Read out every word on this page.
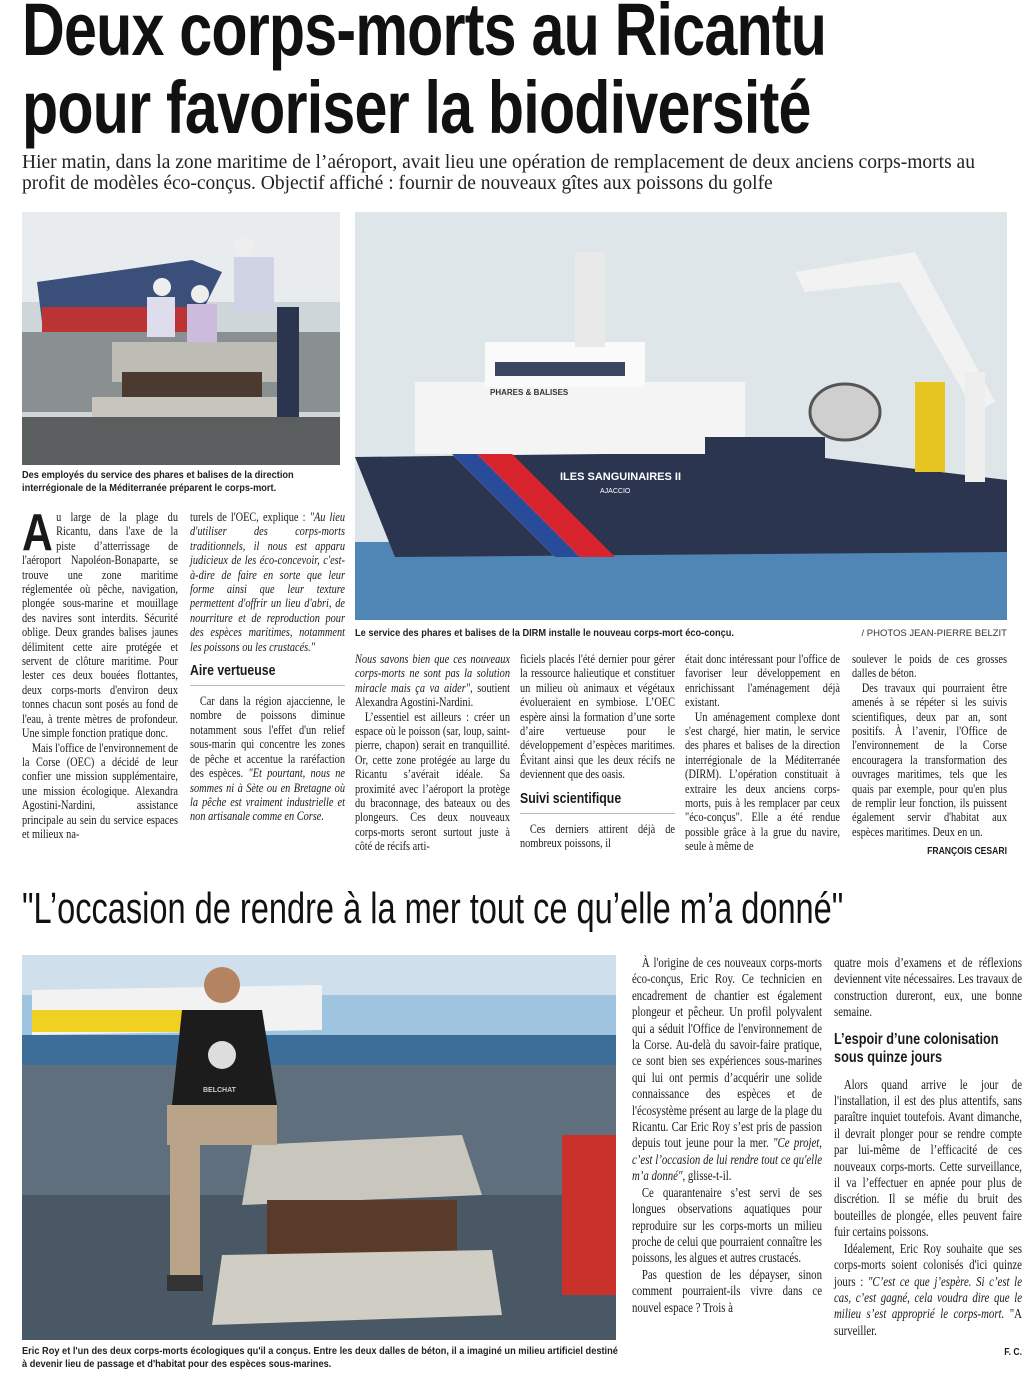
Deux corps-morts au Ricantu
pour favoriser la biodiversité
Hier matin, dans la zone maritime de l’aéroport, avait lieu une opération de remplacement de deux anciens corps-morts au profit de modèles éco-conçus. Objectif affiché : fournir de nouveaux gîtes aux poissons du golfe
Des employés du service des phares et balises de la direction interrégionale de la Méditerranée préparent le corps-mort.
ILES SANGUINAIRES II
AJACCIO
PHARES & BALISES
Le service des phares et balises de la DIRM installe le nouveau corps-mort éco-conçu.	/ PHOTOS JEAN-PIERRE BELZIT

Au large de la plage du Ricantu, dans l'axe de la piste d’atterrissage de l'aéroport Napoléon-Bonaparte, se trouve une zone maritime réglementée où pêche, navigation, plongée sous-marine et mouillage des navires sont interdits. Sécurité oblige. Deux grandes balises jaunes délimitent cette aire protégée et servent de clôture maritime. Pour lester ces deux bouées flottantes, deux corps-morts d'environ deux tonnes chacun sont posés au fond de l'eau, à trente mètres de profondeur. Une simple fonction pratique donc.

Mais l'office de l'environnement de la Corse (OEC) a décidé de leur confier une mission supplémentaire, une mission écologique. Alexandra Agostini-Nardini, assistance principale au sein du service espaces et milieux na-

turels de l'OEC, explique : "Au lieu d'utiliser des corps-morts traditionnels, il nous est apparu judicieux de les éco-concevoir, c'est-à-dire de faire en sorte que leur forme ainsi que leur texture permettent d'offrir un lieu d'abri, de nourriture et de reproduction pour des espèces maritimes, notamment les poissons ou les crustacés."

Aire vertueuse

Car dans la région ajaccienne, le nombre de poissons diminue notamment sous l'effet d'un relief sous-marin qui concentre les zones de pêche et accentue la raréfaction des espèces. "Et pourtant, nous ne sommes ni à Sète ou en Bretagne où la pêche est vraiment industrielle et non artisanale comme en Corse.

Nous savons bien que ces nouveaux corps-morts ne sont pas la solution miracle mais ça va aider", soutient Alexandra Agostini-Nardini.

L’essentiel est ailleurs : créer un espace où le poisson (sar, loup, saint-pierre, chapon) serait en tranquillité. Or, cette zone protégée au large du Ricantu s’avérait idéale. Sa proximité avec l’aéroport la protège du braconnage, des bateaux ou des plongeurs. Ces deux nouveaux corps-morts seront surtout juste à côté de récifs arti-

ficiels placés l'été dernier pour gérer la ressource halieutique et constituer un milieu où animaux et végétaux évolueraient en symbiose. L’OEC espère ainsi la formation d’une sorte d’aire vertueuse pour le développement d’espèces maritimes. Évitant ainsi que les deux récifs ne deviennent que des oasis.

Suivi scientifique

Ces derniers attirent déjà de nombreux poissons, il

était donc intéressant pour l'office de favoriser leur développement en enrichissant l'aménagement déjà existant.

Un aménagement complexe dont s'est chargé, hier matin, le service des phares et balises de la direction interrégionale de la Méditerranée (DIRM). L’opération constituait à extraire les deux anciens corps-morts, puis à les remplacer par ceux "éco-conçus". Elle a été rendue possible grâce à la grue du navire, seule à même de

soulever le poids de ces grosses dalles de béton.

Des travaux qui pourraient être amenés à se répéter si les suivis scientifiques, deux par an, sont positifs. À l’avenir, l'Office de l'environnement de la Corse encouragera la transformation des ouvrages maritimes, tels que les quais par exemple, pour qu'en plus de remplir leur fonction, ils puissent également servir d'habitat aux espèces maritimes. Deux en un.

FRANÇOIS CESARI
"L’occasion de rendre à la mer tout ce qu’elle m’a donné"
BELCHAT
Eric Roy et l'un des deux corps-morts écologiques qu'il a conçus. Entre les deux dalles de béton, il a imaginé un milieu artificiel destiné à devenir lieu de passage et d'habitat pour des espèces sous-marines.

À l'origine de ces nouveaux corps-morts éco-conçus, Eric Roy. Ce technicien en encadrement de chantier est également plongeur et pêcheur. Un profil polyvalent qui a séduit l'Office de l'environnement de la Corse. Au-delà du savoir-faire pratique, ce sont bien ses expériences sous-marines qui lui ont permis d’acquérir une solide connaissance des espèces et de l'écosystème présent au large de la plage du Ricantu. Car Eric Roy s’est pris de passion depuis tout jeune pour la mer. "Ce projet, c’est l’occasion de lui rendre tout ce qu'elle m’a donné", glisse-t-il.

Ce quarantenaire s’est servi de ses longues observations aquatiques pour reproduire sur les corps-morts un milieu proche de celui que pourraient connaître les poissons, les algues et autres crustacés.

Pas question de les dépayser, sinon comment pourraient-ils vivre dans ce nouvel espace ? Trois à

quatre mois d’examens et de réflexions deviennent vite nécessaires. Les travaux de construction dureront, eux, une bonne semaine.

L’espoir d’une colonisation sous quinze jours

Alors quand arrive le jour de l'installation, il est des plus attentifs, sans paraître inquiet toutefois. Avant dimanche, il devrait plonger pour se rendre compte par lui-même de l’efficacité de ces nouveaux corps-morts. Cette surveillance, il va l’effectuer en apnée pour plus de discrétion. Il se méfie du bruit des bouteilles de plongée, elles peuvent faire fuir certains poissons.

Idéalement, Eric Roy souhaite que ses corps-morts soient colonisés d'ici quinze jours : "C’est ce que j’espère. Si c’est le cas, c’est gagné, cela voudra dire que le milieu s’est approprié le corps-mort. "A surveiller.

F. C.
